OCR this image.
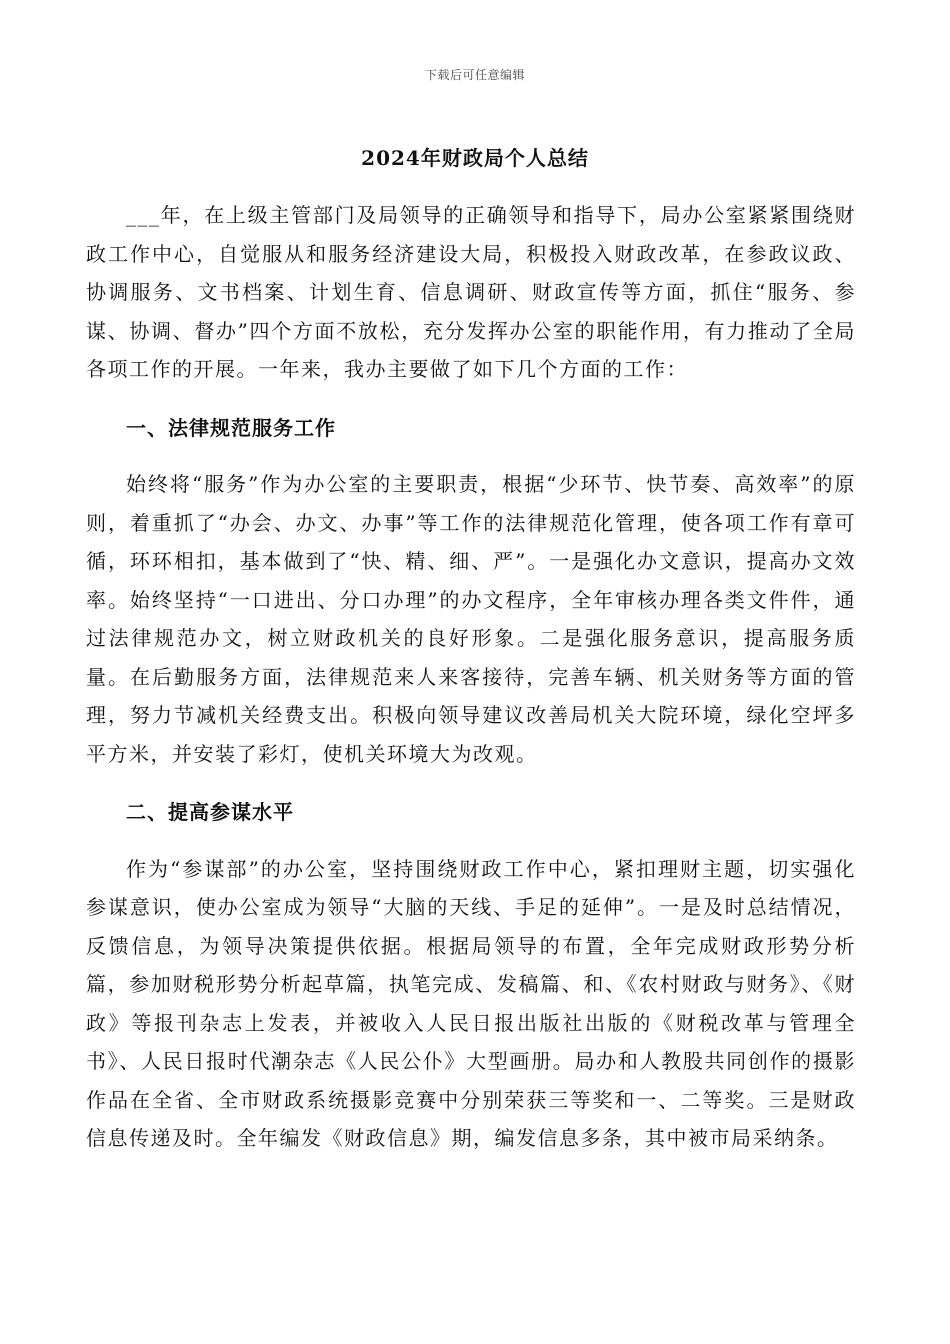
下载后可任意编辑
2024年财政局个人总结

___年，在上级主管部门及局领导的正确领导和指导下，局办公室紧紧围绕财政工作中心，自觉服从和服务经济建设大局，积极投入财政改革，在参政议政、协调服务、文书档案、计划生育、信息调研、财政宣传等方面，抓住“服务、参谋、协调、督办”四个方面不放松，充分发挥办公室的职能作用，有力推动了全局各项工作的开展。一年来，我办主要做了如下几个方面的工作：

一、法律规范服务工作

始终将“服务”作为办公室的主要职责，根据“少环节、快节奏、高效率”的原则，着重抓了“办会、办文、办事”等工作的法律规范化管理，使各项工作有章可循，环环相扣，基本做到了“快、精、细、严”。一是强化办文意识，提高办文效率。始终坚持“一口进出、分口办理”的办文程序，全年审核办理各类文件件，通过法律规范办文，树立财政机关的良好形象。二是强化服务意识，提高服务质量。在后勤服务方面，法律规范来人来客接待，完善车辆、机关财务等方面的管理，努力节减机关经费支出。积极向领导建议改善局机关大院环境，绿化空坪多平方米，并安装了彩灯，使机关环境大为改观。

二、提高参谋水平

作为“参谋部”的办公室，坚持围绕财政工作中心，紧扣理财主题，切实强化参谋意识，使办公室成为领导“大脑的天线、手足的延伸”。一是及时总结情况，反馈信息，为领导决策提供依据。根据局领导的布置，全年完成财政形势分析篇，参加财税形势分析起草篇，执笔完成、发稿篇、和、《农村财政与财务》、《财政》等报刊杂志上发表，并被收入人民日报出版社出版的《财税改革与管理全书》、人民日报时代潮杂志《人民公仆》大型画册。局办和人教股共同创作的摄影作品在全省、全市财政系统摄影竞赛中分别荣获三等奖和一、二等奖。三是财政信息传递及时。全年编发《财政信息》期，编发信息多条，其中被市局采纳条。
